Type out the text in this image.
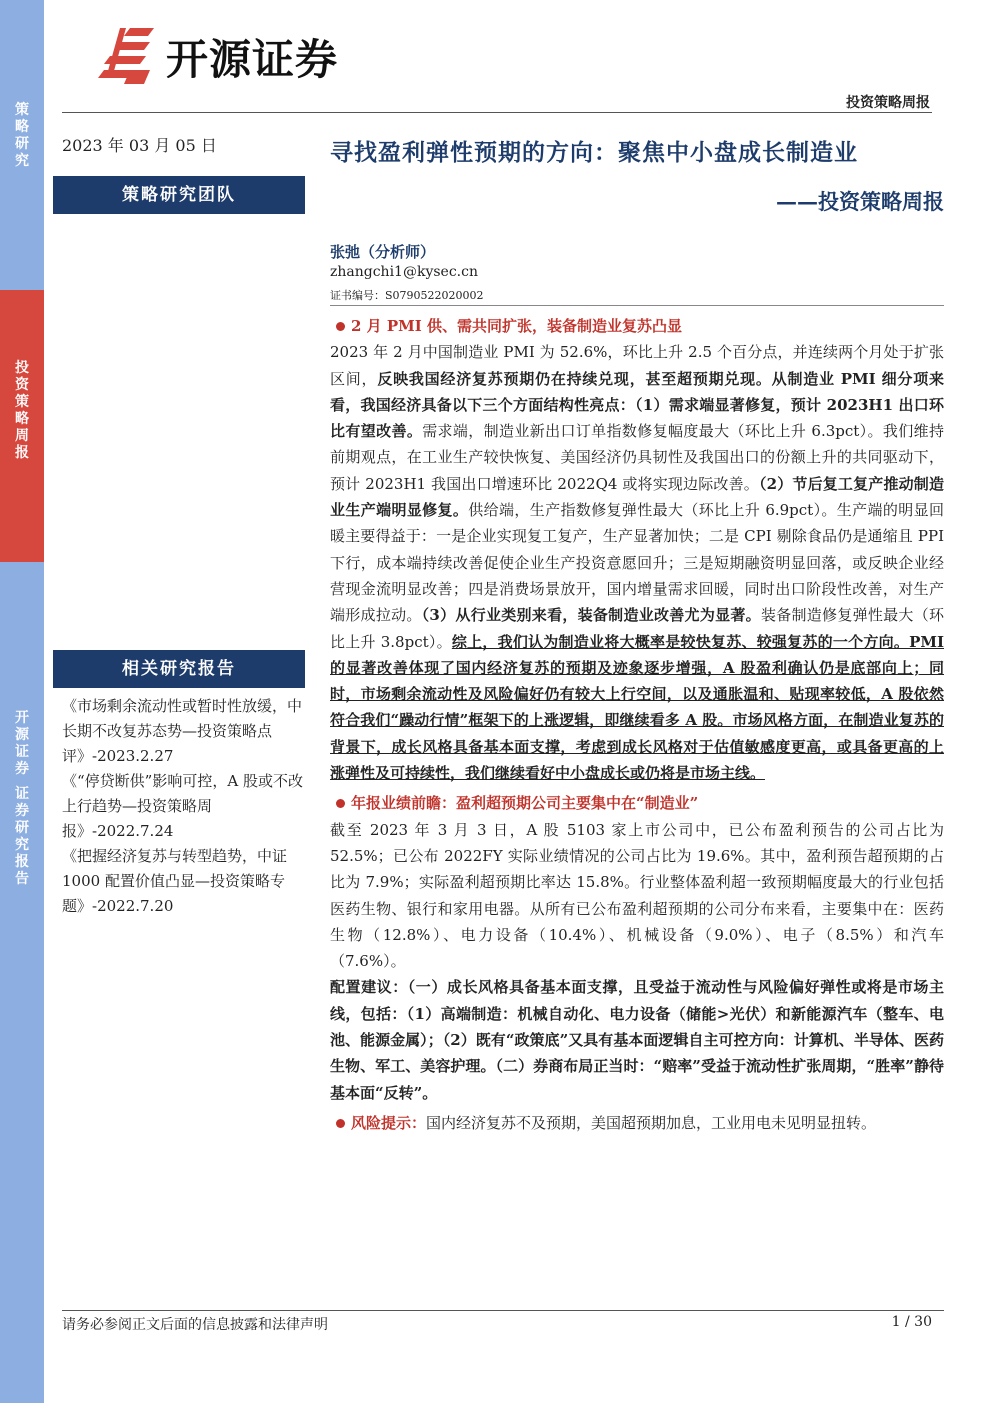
策
略
研
究
投
资
策
略
周
报
开
源
证
券

证
券
研
究
报
告
开源证券
投资策略周报
2023 年 03 月 05 日
策略研究团队
相关研究报告

《市场剩余流动性或暂时性放缓，中长期不改复苏态势—投资策略点评》-2023.2.27

《“停贷断供”影响可控，A 股或不改上行趋势—投资策略周报》-2022.7.24

《把握经济复苏与转型趋势，中证 1000 配置价值凸显—投资策略专题》-2022.7.20

寻找盈利弹性预期的方向：聚焦中小盘成长制造业
——投资策略周报
张弛（分析师）
zhangchi1@kysec.cn
证书编号：S0790522020002

2 月 PMI 供、需共同扩张，装备制造业复苏凸显

2023 年 2 月中国制造业 PMI 为 52.6%，环比上升 2.5 个百分点，并连续两个月处于扩张区间，反映我国经济复苏预期仍在持续兑现，甚至超预期兑现。从制造业 PMI 细分项来看，我国经济具备以下三个方面结构性亮点：（1）需求端显著修复，预计 2023H1 出口环比有望改善。需求端，制造业新出口订单指数修复幅度最大（环比上升 6.3pct）。我们维持前期观点，在工业生产较快恢复、美国经济仍具韧性及我国出口的份额上升的共同驱动下，预计 2023H1 我国出口增速环比 2022Q4 或将实现边际改善。（2）节后复工复产推动制造业生产端明显修复。供给端，生产指数修复弹性最大（环比上升 6.9pct）。生产端的明显回暖主要得益于：一是企业实现复工复产，生产显著加快；二是 CPI 剔除食品仍是通缩且 PPI 下行，成本端持续改善促使企业生产投资意愿回升；三是短期融资明显回落，或反映企业经营现金流明显改善；四是消费场景放开，国内增量需求回暖，同时出口阶段性改善，对生产端形成拉动。（3）从行业类别来看，装备制造业改善尤为显著。装备制造修复弹性最大（环比上升 3.8pct）。综上，我们认为制造业将大概率是较快复苏、较强复苏的一个方向。PMI 的显著改善体现了国内经济复苏的预期及迹象逐步增强，A 股盈利确认仍是底部向上；同时，市场剩余流动性及风险偏好仍有较大上行空间，以及通胀温和、贴现率较低，A 股依然符合我们“躁动行情”框架下的上涨逻辑，即继续看多 A 股。市场风格方面，在制造业复苏的背景下，成长风格具备基本面支撑，考虑到成长风格对于估值敏感度更高，或具备更高的上涨弹性及可持续性，我们继续看好中小盘成长或仍将是市场主线。

年报业绩前瞻：盈利超预期公司主要集中在“制造业”

截至 2023 年 3 月 3 日，A 股 5103 家上市公司中，已公布盈利预告的公司占比为 52.5%；已公布 2022FY 实际业绩情况的公司占比为 19.6%。其中，盈利预告超预期的占比为 7.9%；实际盈利超预期比率达 15.8%。行业整体盈利超一致预期幅度最大的行业包括医药生物、银行和家用电器。从所有已公布盈利超预期的公司分布来看，主要集中在：医药生物（12.8%）、电力设备（10.4%）、机械设备（9.0%）、电子（8.5%）和汽车（7.6%）。

配置建议：（一）成长风格具备基本面支撑，且受益于流动性与风险偏好弹性或将是市场主线，包括：（1）高端制造：机械自动化、电力设备（储能>光伏）和新能源汽车（整车、电池、能源金属）；（2）既有“政策底”又具有基本面逻辑自主可控方向：计算机、半导体、医药生物、军工、美容护理。（二）券商布局正当时：“赔率”受益于流动性扩张周期，“胜率”静待基本面“反转”。

风险提示：国内经济复苏不及预期，美国超预期加息，工业用电未见明显扭转。

请务必参阅正文后面的信息披露和法律声明	1 / 30
